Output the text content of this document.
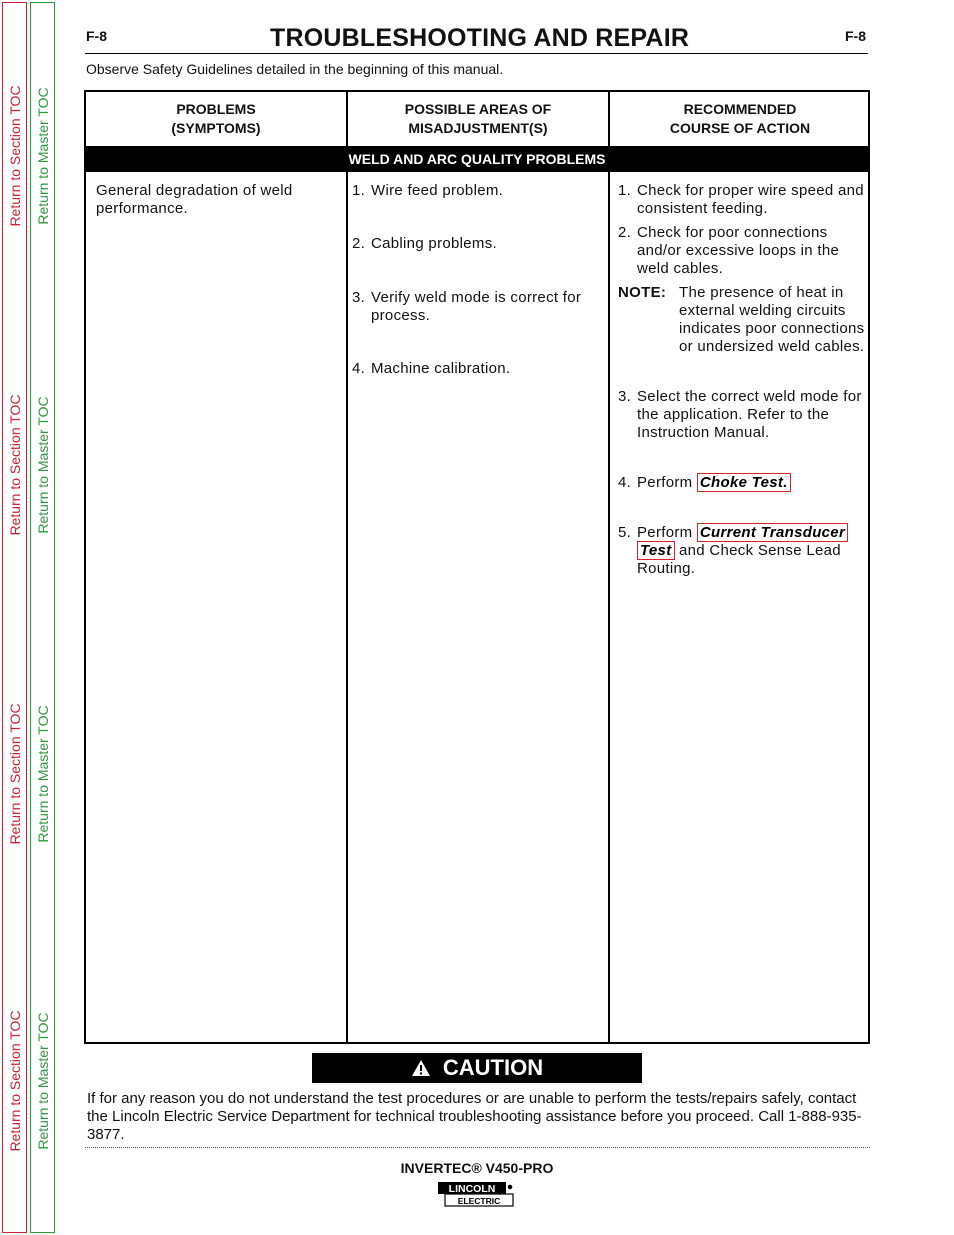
Return to Section TOC
Return to Section TOC
Return to Section TOC
Return to Section TOC
Return to Master TOC
Return to Master TOC
Return to Master TOC
Return to Master TOC
F-8	TROUBLESHOOTING AND REPAIR	F-8
Observe Safety Guidelines detailed in the beginning of this manual.
PROBLEMS
(SYMPTOMS)
POSSIBLE AREAS OF
MISADJUSTMENT(S)
RECOMMENDED
COURSE OF ACTION
WELD AND ARC QUALITY PROBLEMS
General degradation of weld performance.
1. Wire feed problem.
2. Cabling problems.
3. Verify weld mode is correct for process.
4. Machine calibration.
1. Check for proper wire speed and consistent feeding.
2. Check for poor connections and/or excessive loops in the weld cables.
NOTE: The presence of heat in external welding circuits indicates poor connections or undersized weld cables.
3. Select the correct weld mode for the application. Refer to the Instruction Manual.
4. Perform Choke Test.
5. Perform Current Transducer Test and Check Sense Lead Routing.
CAUTION
If for any reason you do not understand the test procedures or are unable to perform the tests/repairs safely, contact the Lincoln Electric Service Department for technical troubleshooting assistance before you proceed. Call 1-888-935-3877.
INVERTEC® V450-PRO
LINCOLN
ELECTRIC
